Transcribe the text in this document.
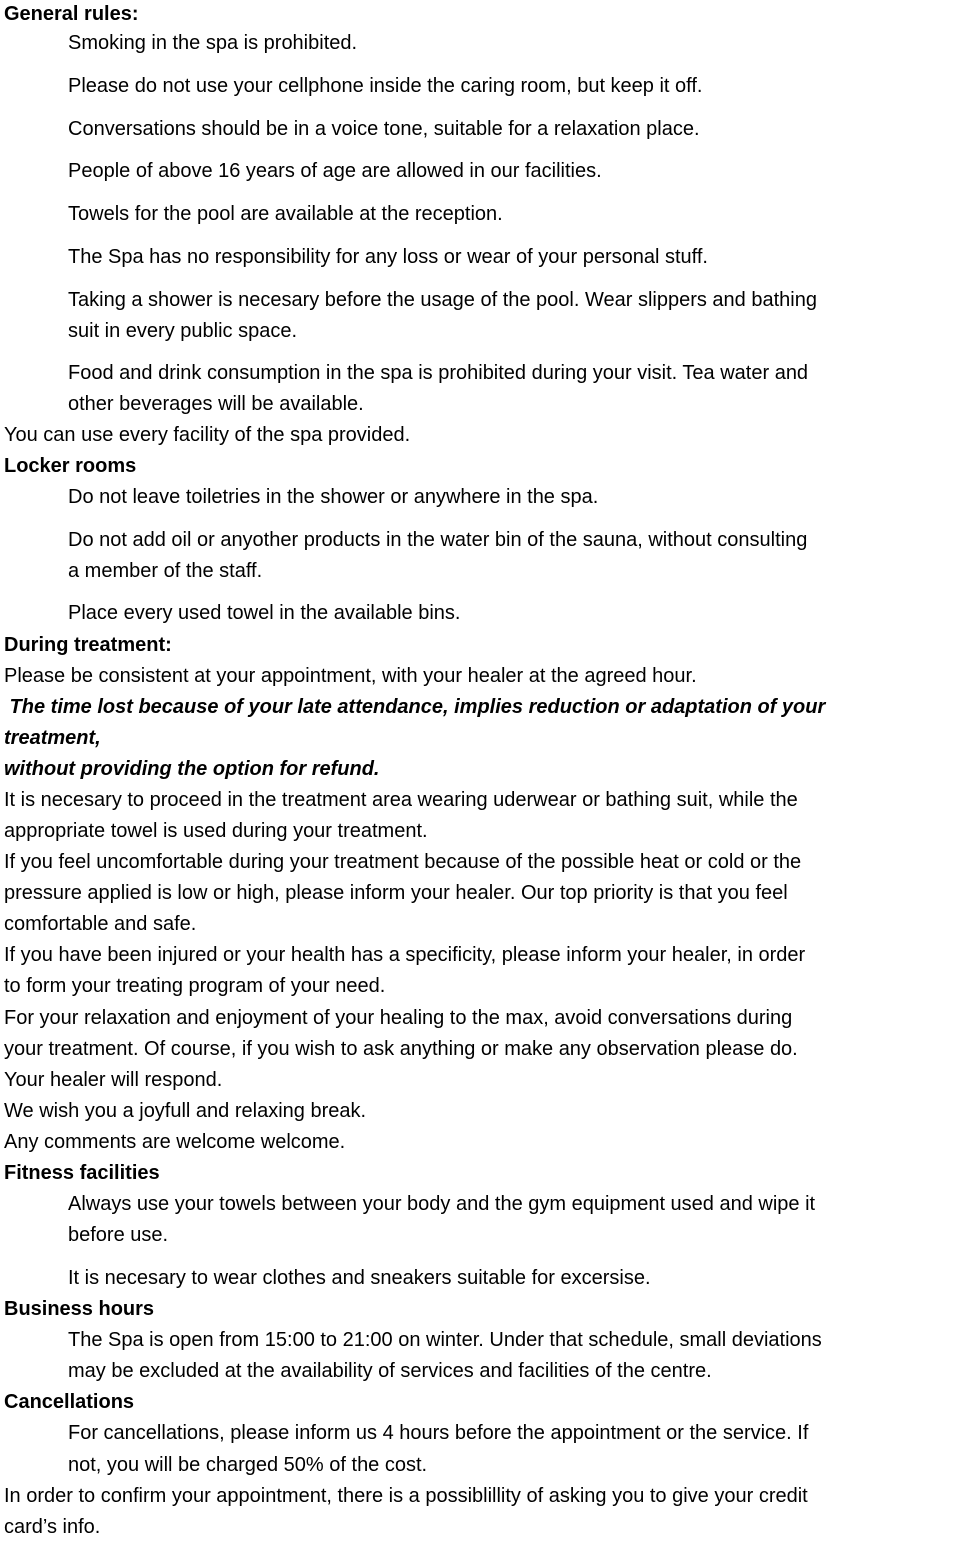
General rules:

Smoking in the spa is prohibited.

Please do not use your cellphone inside the caring room, but keep it off.

Conversations should be in a voice tone, suitable for a relaxation place.

People of above 16 years of age are allowed in our facilities.

Towels for the pool are available at the reception.

The Spa has no responsibility for any loss or wear of your personal stuff.

Taking a shower is necesary before the usage of the pool. Wear slippers and bathing

suit in every public space.

Food and drink consumption in the spa is prohibited during your visit. Tea water and

other beverages will be available.

You can use every facility of the spa provided.

Locker rooms

Do not leave toiletries in the shower or anywhere in the spa.

Do not add oil or anyother products in the water bin of the sauna, without consulting

a member of the staff.

Place every used towel in the available bins.

During treatment:

Please be consistent at your appointment, with your healer at the agreed hour.

The time lost because of your late attendance, implies reduction or adaptation of your

treatment,

without providing the option for refund.

It is necesary to proceed in the treatment area wearing uderwear or bathing suit, while the

appropriate towel is used during your treatment.

If you feel uncomfortable during your treatment because of the possible heat or cold or the

pressure applied is low or high, please inform your healer. Our top priority is that you feel

comfortable and safe.

If you have been injured or your health has a specificity, please inform your healer, in order

to form your treating program of your need.

For your relaxation and enjoyment of your healing to the max, avoid conversations during

your treatment. Of course, if you wish to ask anything or make any observation please do.

Your healer will respond.

We wish you a joyfull and relaxing break.

Any comments are welcome welcome.

Fitness facilities

Always use your towels between your body and the gym equipment used and wipe it

before use.

It is necesary to wear clothes and sneakers suitable for excersise.

Business hours

The Spa is open from 15:00 to 21:00 on winter. Under that schedule, small deviations

may be excluded at the availability of services and facilities of the centre.

Cancellations

For cancellations, please inform us 4 hours before the appointment or the service. If

not, you will be charged 50% of the cost.

In order to confirm your appointment, there is a possiblillity of asking you to give your credit

card’s info.
